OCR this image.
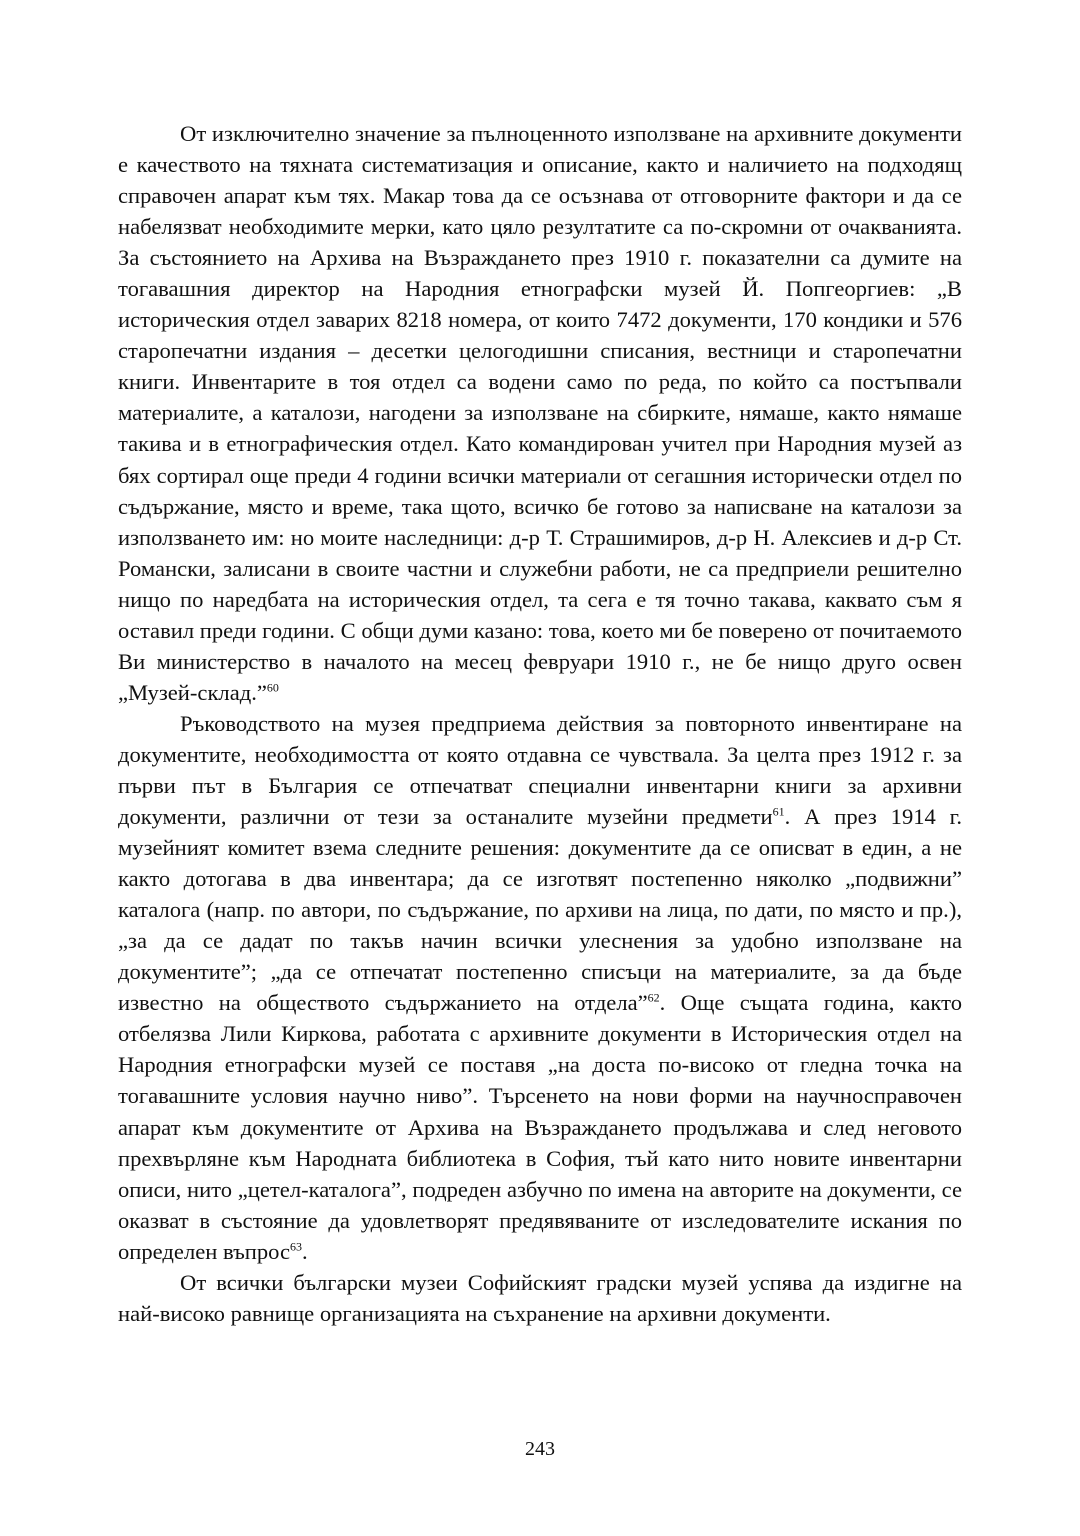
От изключително значение за пълноценното използване на архивните документи е качеството на тяхната систематизация и описание, както и наличието на подходящ справочен апарат към тях. Макар това да се осъзнава от отговорните фактори и да се набелязват необходимите мерки, като цяло резултатите са по-скромни от очакванията. За състоянието на Архива на Възраждането през 1910 г. показателни са думите на тогавашния директор на Народния етнографски музей Й. Попгеоргиев: „В историческия отдел заварих 8218 номера, от които 7472 документи, 170 кондики и 576 старопечатни издания – десетки целогодишни списания, вестници и старопечатни книги. Инвентарите в тоя отдел са водени само по реда, по който са постъпвали материалите, а каталози, нагодени за използване на сбирките, нямаше, както нямаше такива и в етнографическия отдел. Като командирован учител при Народния музей аз бях сортирал още преди 4 години всички материали от сегашния исторически отдел по съдържание, място и време, така щото, всичко бе готово за написване на каталози за използването им: но моите наследници: д-р Т. Страшимиров, д-р Н. Алексиев и д-р Ст. Романски, залисани в своите частни и служебни работи, не са предприели решително нищо по наредбата на историческия отдел, та сега е тя точно такава, каквато съм я оставил преди години. С общи думи казано: това, което ми бе поверено от почитаемото Ви министерство в началото на месец февруари 1910 г., не бе нищо друго освен „Музей-склад.”$^{60}$

Ръководството на музея предприема действия за повторното инвентиране на документите, необходимостта от която отдавна се чувствала. За целта през 1912 г. за първи път в България се отпечатват специални инвентарни книги за архивни документи, различни от тези за останалите музейни предмети$^{61}$. А през 1914 г. музейният комитет взема следните решения: документите да се описват в един, а не както дотогава в два инвентара; да се изготвят постепенно няколко „подвижни” каталога (напр. по автори, по съдържание, по архиви на лица, по дати, по място и пр.), „за да се дадат по такъв начин всички улеснения за удобно използване на документите”; „да се отпечатат постепенно списъци на материалите, за да бъде известно на обществото съдържанието на отдела”$^{62}$. Още същата година, както отбелязва Лили Киркова, работата с архивните документи в Историческия отдел на Народния етнографски музей се поставя „на доста по-високо от гледна точка на тогавашните условия научно ниво”. Търсенето на нови форми на научносправочен апарат към документите от Архива на Възраждането продължава и след неговото прехвърляне към Народната библиотека в София, тъй като нито новите инвентарни описи, нито „цетел-каталога”, подреден азбучно по имена на авторите на документи, се оказват в състояние да удовлетворят предявяваните от изследователите искания по определен въпрос$^{63}$.

От всички български музеи Софийският градски музей успява да издигне на най-високо равнище организацията на съхранение на архивни документи.

243
